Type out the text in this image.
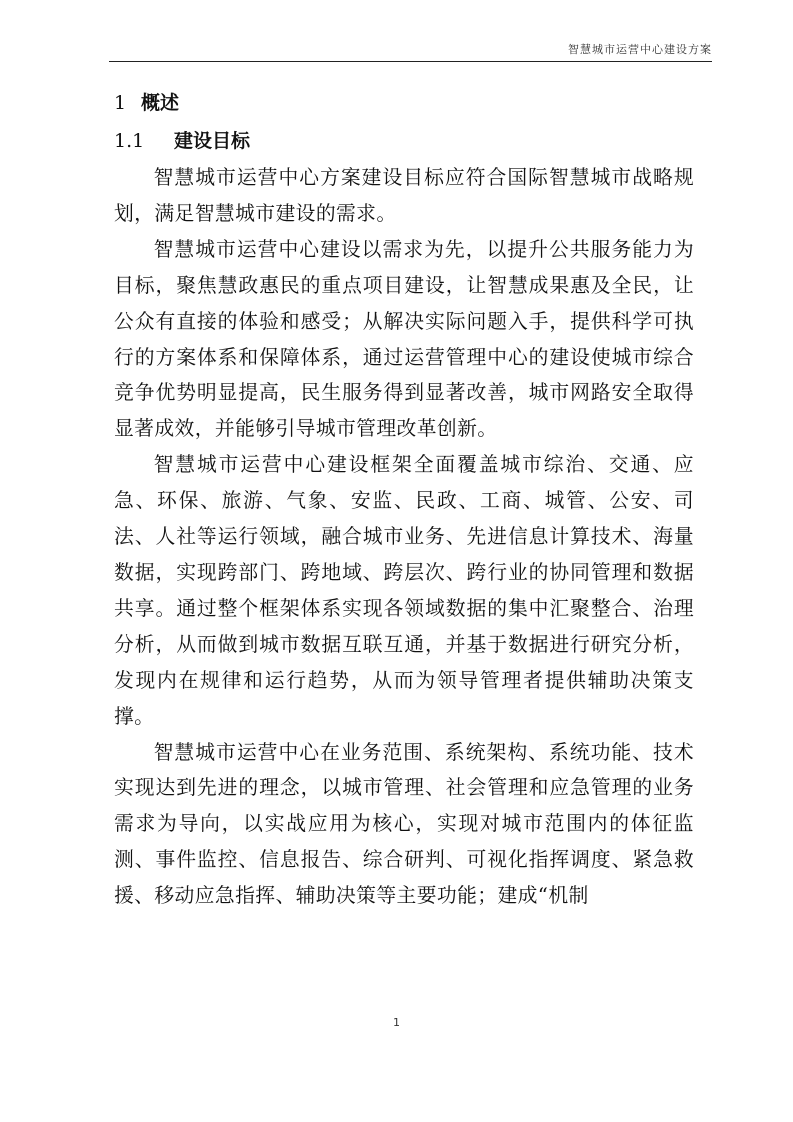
智慧城市运营中心建设方案
1 概述
1.1 建设目标

智慧城市运营中心方案建设目标应符合国际智慧城市战略规划，满足智慧城市建设的需求。

智慧城市运营中心建设以需求为先，以提升公共服务能力为目标，聚焦慧政惠民的重点项目建设，让智慧成果惠及全民，让公众有直接的体验和感受；从解决实际问题入手，提供科学可执行的方案体系和保障体系，通过运营管理中心的建设使城市综合竞争优势明显提高，民生服务得到显著改善，城市网路安全取得显著成效，并能够引导城市管理改革创新。

智慧城市运营中心建设框架全面覆盖城市综治、交通、应急、环保、旅游、气象、安监、民政、工商、城管、公安、司法、人社等运行领域，融合城市业务、先进信息计算技术、海量数据，实现跨部门、跨地域、跨层次、跨行业的协同管理和数据共享。通过整个框架体系实现各领域数据的集中汇聚整合、治理分析，从而做到城市数据互联互通，并基于数据进行研究分析，发现内在规律和运行趋势，从而为领导管理者提供辅助决策支撑。

智慧城市运营中心在业务范围、系统架构、系统功能、技术实现达到先进的理念，以城市管理、社会管理和应急管理的业务需求为导向，以实战应用为核心，实现对城市范围内的体征监测、事件监控、信息报告、综合研判、可视化指挥调度、紧急救援、移动应急指挥、辅助决策等主要功能；建成“机制

1
